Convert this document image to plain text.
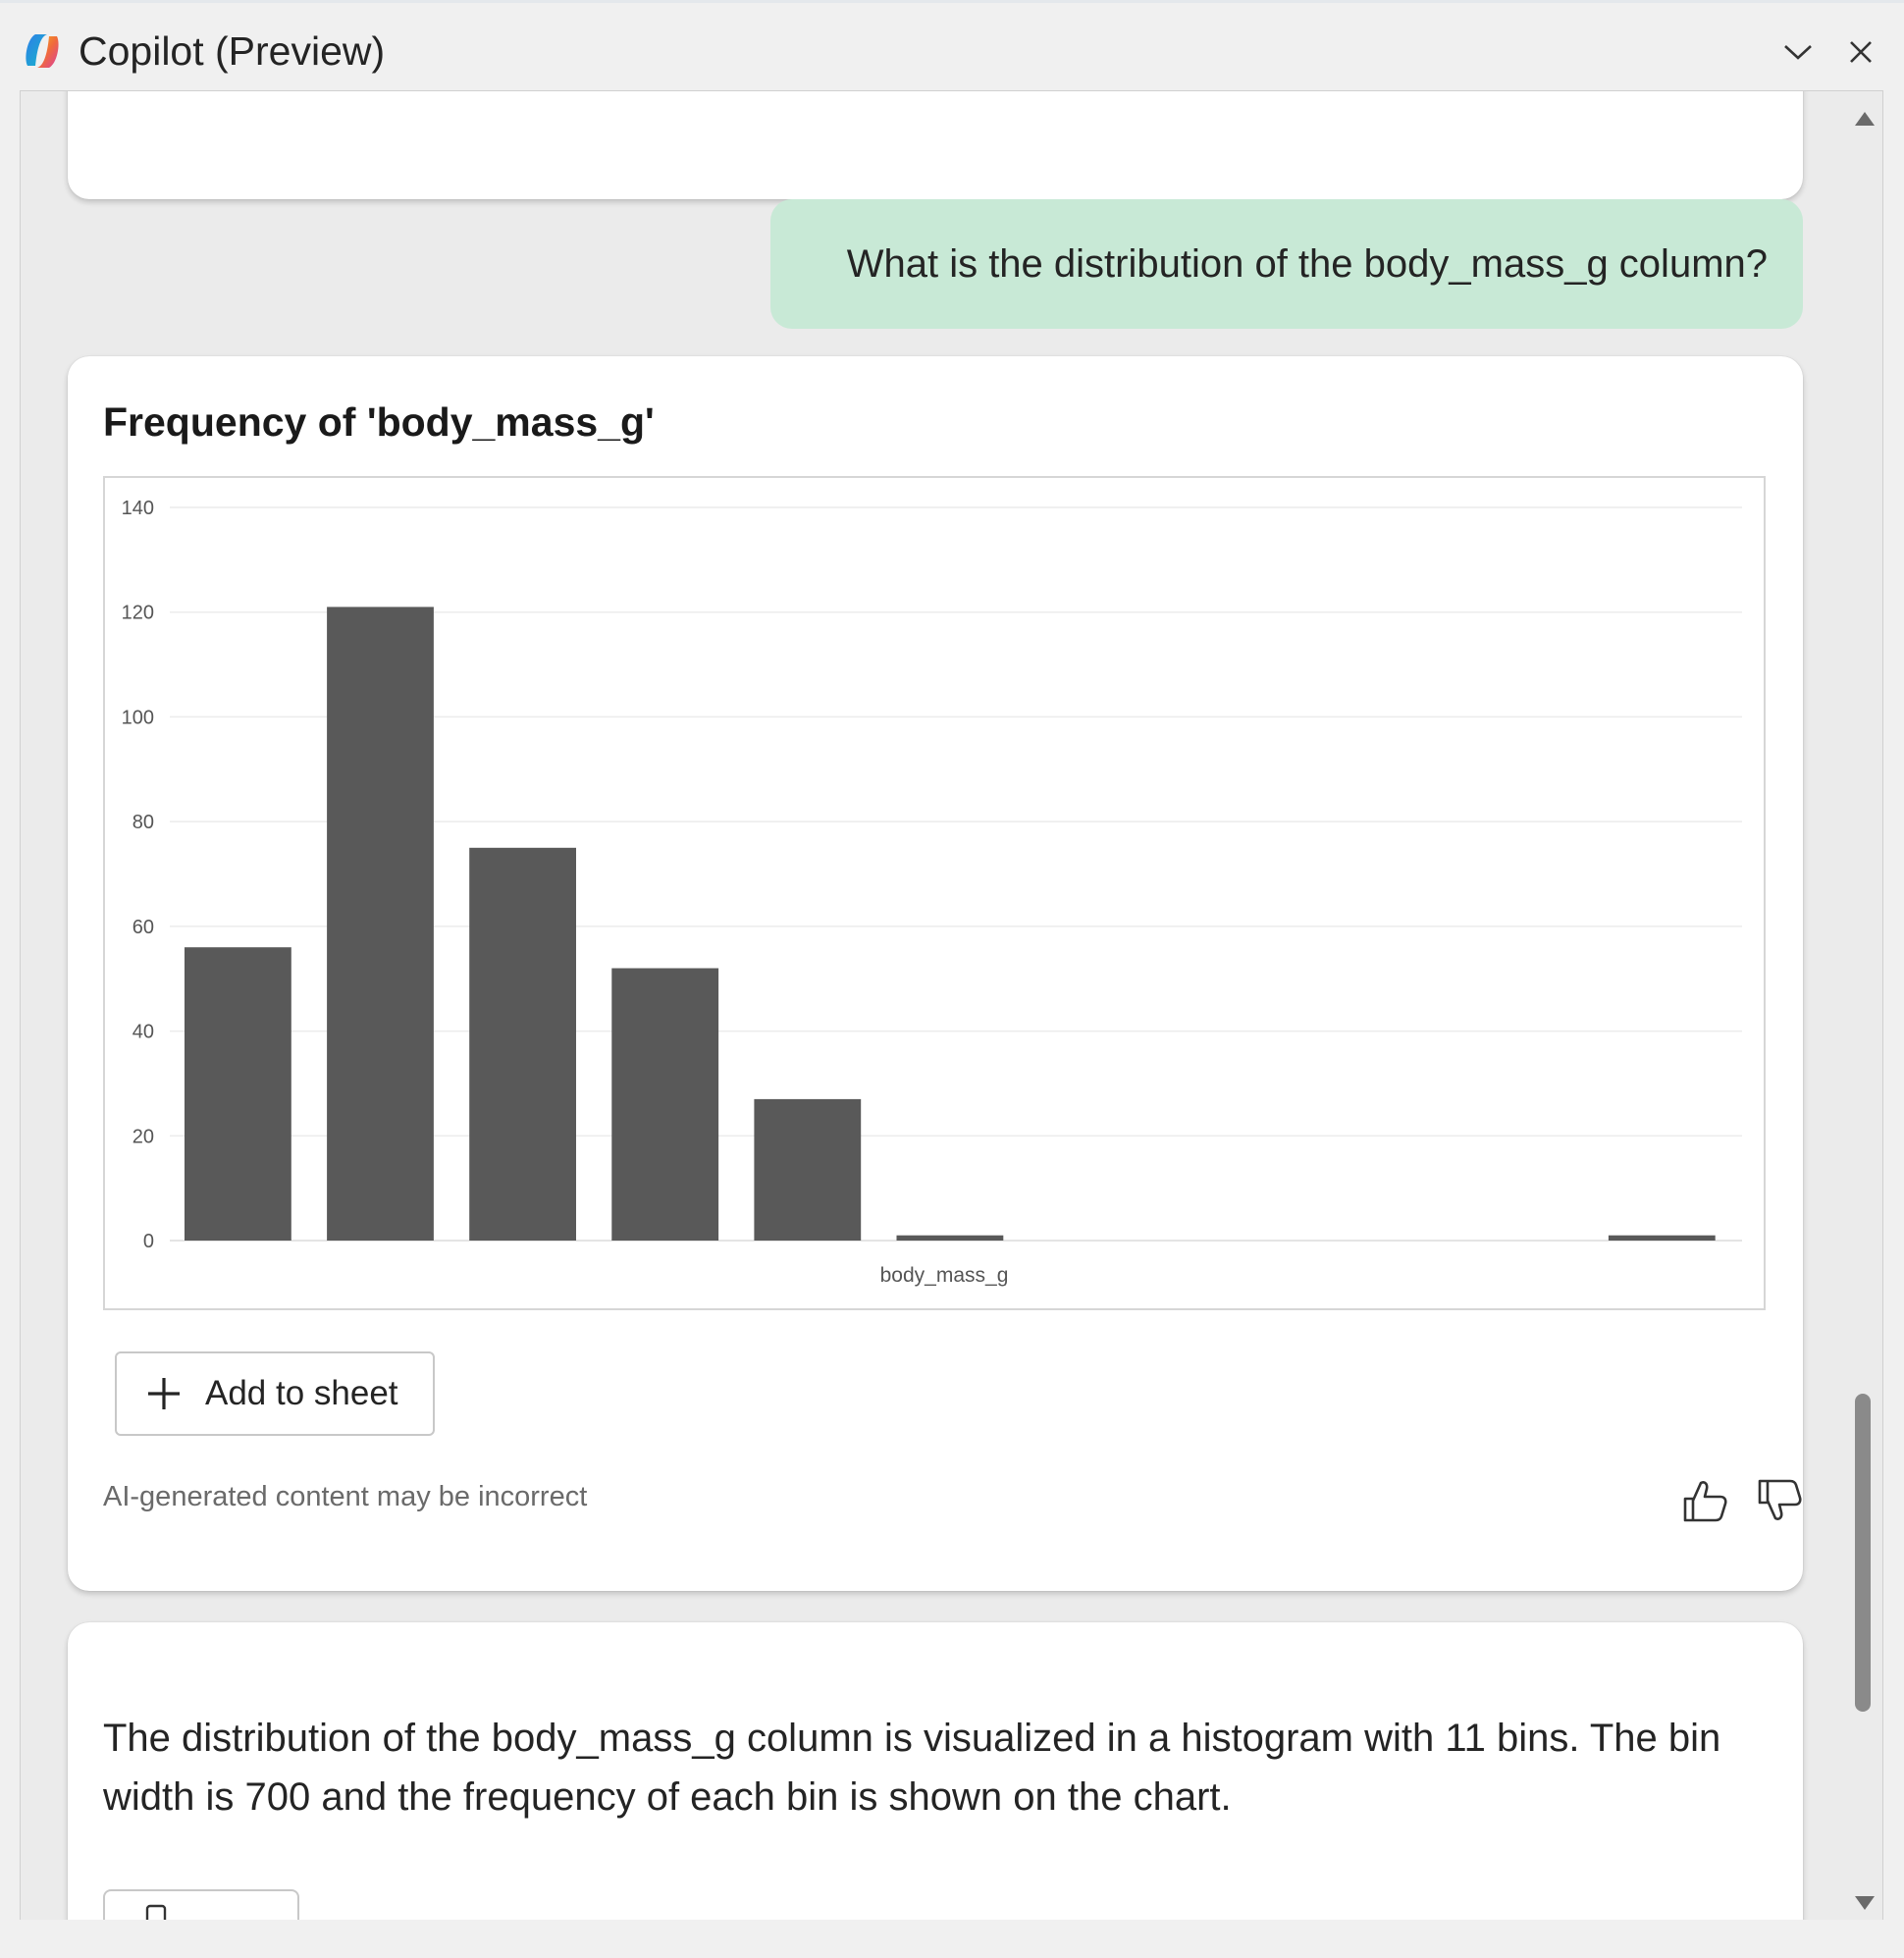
Copilot (Preview)
What is the distribution of the body_mass_g column?
Frequency of 'body_mass_g'
0
20
40
60
80
100
120
140
body_mass_g
Add to sheet
AI-generated content may be incorrect
The distribution of the body_mass_g column is visualized in a histogram with 11 bins. The bin width is 700 and the frequency of each bin is shown on the chart.
